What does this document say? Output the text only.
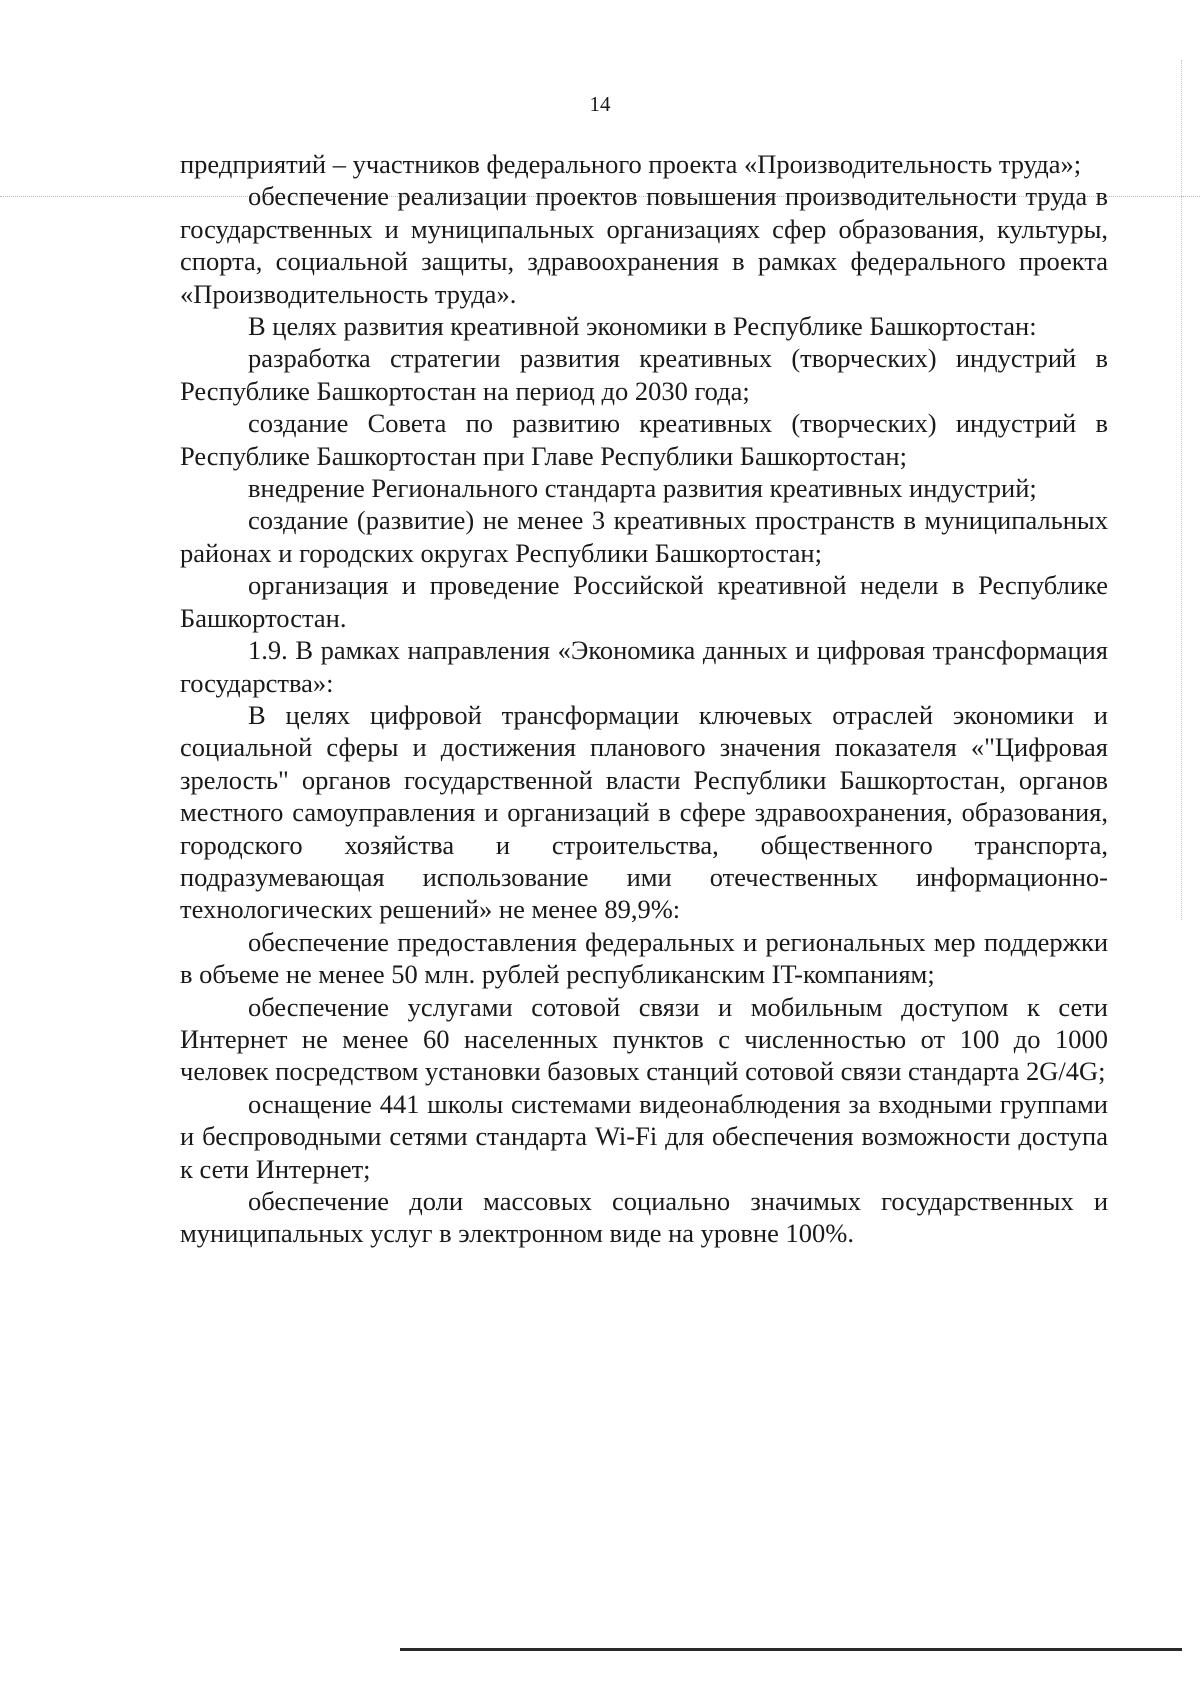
14

предприятий – участников федерального проекта «Производительность труда»;

обеспечение реализации проектов повышения производительности труда в государственных и муниципальных организациях сфер образования, культуры, спорта, социальной защиты, здравоохранения в рамках федерального проекта «Производительность труда».

В целях развития креативной экономики в Республике Башкортостан:

разработка стратегии развития креативных (творческих) индустрий в Республике Башкортостан на период до 2030 года;

создание Совета по развитию креативных (творческих) индустрий в Республике Башкортостан при Главе Республики Башкортостан;

внедрение Регионального стандарта развития креативных индустрий;

создание (развитие) не менее 3 креативных пространств в муниципальных районах и городских округах Республики Башкортостан;

организация и проведение Российской креативной недели в Республике Башкортостан.

1.9. В рамках направления «Экономика данных и цифровая трансформация государства»:

В целях цифровой трансформации ключевых отраслей экономики и социальной сферы и достижения планового значения показателя «"Цифровая зрелость" органов государственной власти Республики Башкортостан, органов местного самоуправления и организаций в сфере здравоохранения, образования, городского хозяйства и строительства, общественного транспорта, подразумевающая использование ими отечественных информационно-технологических решений» не менее 89,9%:

обеспечение предоставления федеральных и региональных мер поддержки в объеме не менее 50 млн. рублей республиканским IT-компаниям;

обеспечение услугами сотовой связи и мобильным доступом к сети Интернет не менее 60 населенных пунктов с численностью от 100 до 1000 человек посредством установки базовых станций сотовой связи стандарта 2G/4G;

оснащение 441 школы системами видеонаблюдения за входными группами и беспроводными сетями стандарта Wi-Fi для обеспечения возможности доступа к сети Интернет;

обеспечение доли массовых социально значимых государственных и муниципальных услуг в электронном виде на уровне 100%.
